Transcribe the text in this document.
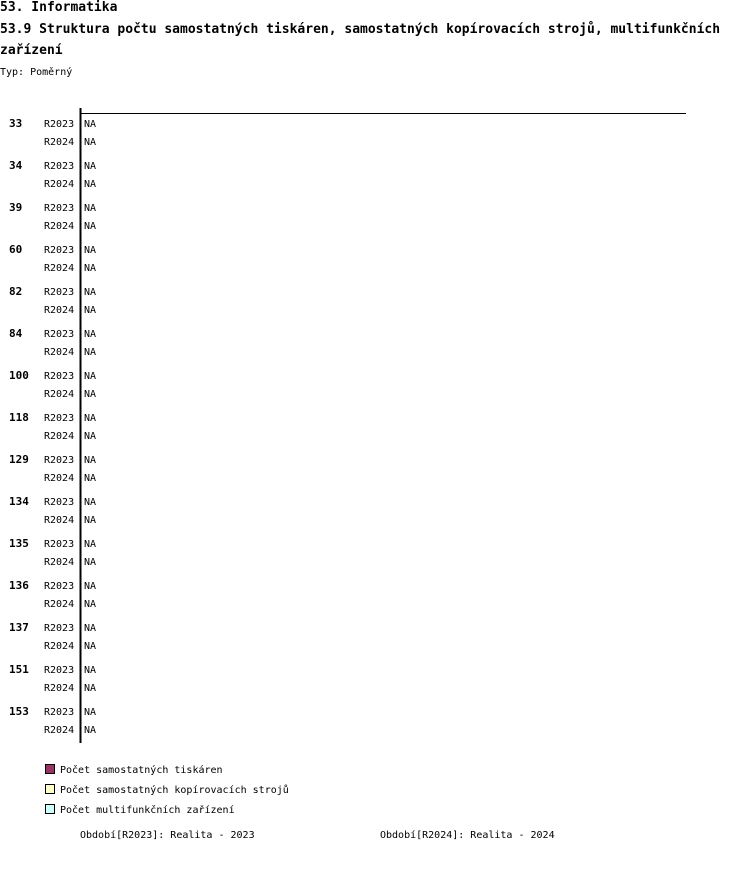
53. Informatika
53.9 Struktura počtu samostatných tiskáren, samostatných kopírovacích strojů, multifunkčních zařízení
Typ: Poměrný
33 R2023 NA
R2024 NA
34 R2023 NA
R2024 NA
39 R2023 NA
R2024 NA
60 R2023 NA
R2024 NA
82 R2023 NA
R2024 NA
84 R2023 NA
R2024 NA
100 R2023 NA
R2024 NA
118 R2023 NA
R2024 NA
129 R2023 NA
R2024 NA
134 R2023 NA
R2024 NA
135 R2023 NA
R2024 NA
136 R2023 NA
R2024 NA
137 R2023 NA
R2024 NA
151 R2023 NA
R2024 NA
153 R2023 NA
R2024 NA
Počet samostatných tiskáren
Počet samostatných kopírovacích strojů
Počet multifunkčních zařízení
Období[R2023]: Realita - 2023	Období[R2024]: Realita - 2024
